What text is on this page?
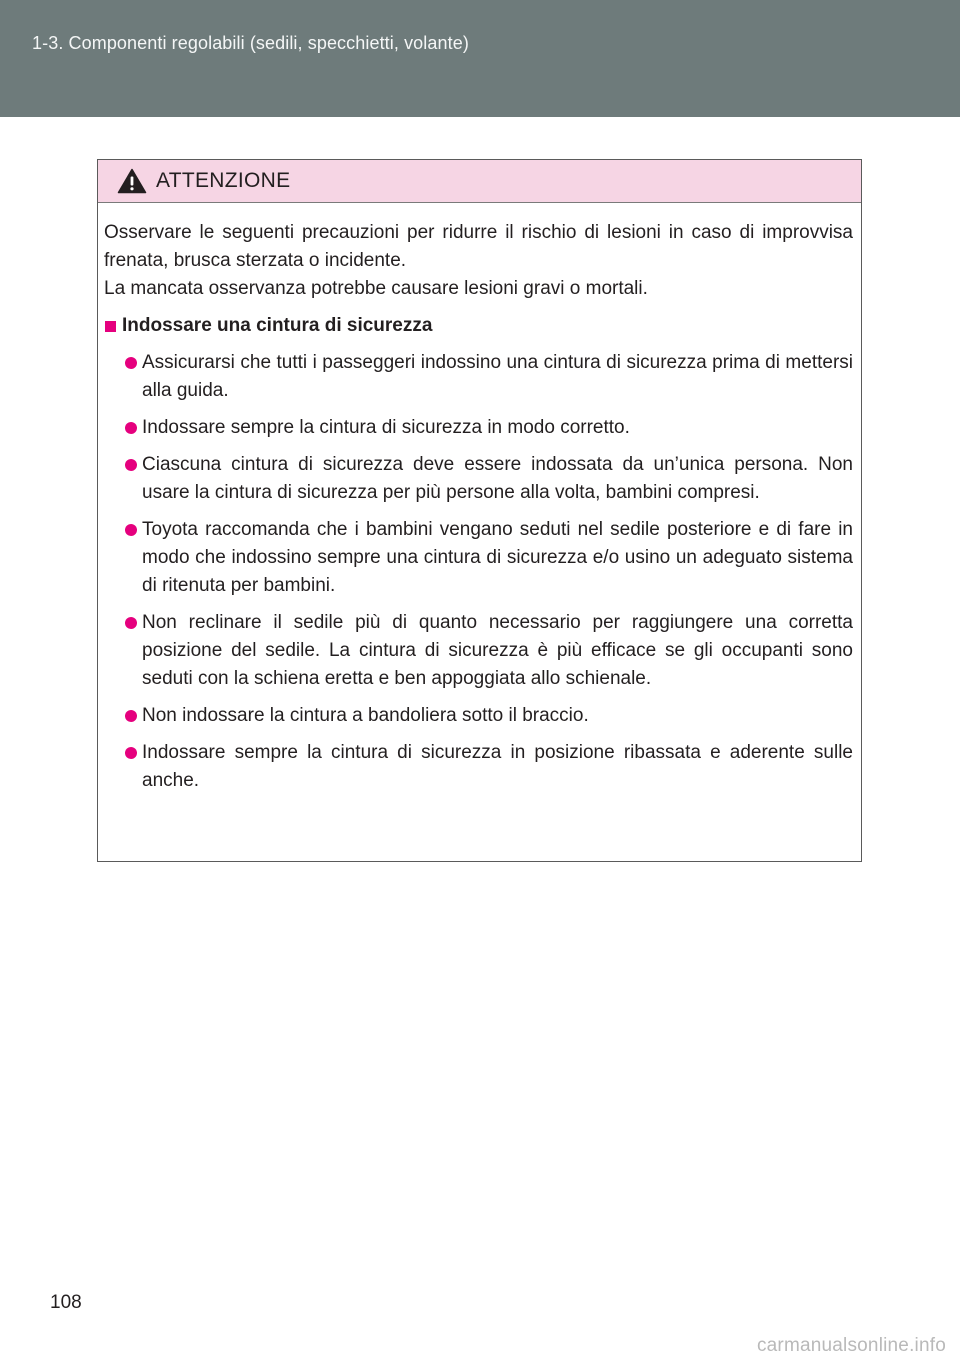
1-3. Componenti regolabili (sedili, specchietti, volante)
ATTENZIONE

Osservare le seguenti precauzioni per ridurre il rischio di lesioni in caso di improvvisa frenata, brusca sterzata o incidente.

La mancata osservanza potrebbe causare lesioni gravi o mortali.

Indossare una cintura di sicurezza
Assicurarsi che tutti i passeggeri indossino una cintura di sicurezza prima di mettersi alla guida.
Indossare sempre la cintura di sicurezza in modo corretto.
Ciascuna cintura di sicurezza deve essere indossata da un’unica persona. Non usare la cintura di sicurezza per più persone alla volta, bambini compresi.
Toyota raccomanda che i bambini vengano seduti nel sedile posteriore e di fare in modo che indossino sempre una cintura di sicurezza e/o usino un adeguato sistema di ritenuta per bambini.
Non reclinare il sedile più di quanto necessario per raggiungere una corretta posizione del sedile. La cintura di sicurezza è più efficace se gli occupanti sono seduti con la schiena eretta e ben appoggiata allo schienale.
Non indossare la cintura a bandoliera sotto il braccio.
Indossare sempre la cintura di sicurezza in posizione ribassata e aderente sulle anche.
108
carmanualsonline.info
